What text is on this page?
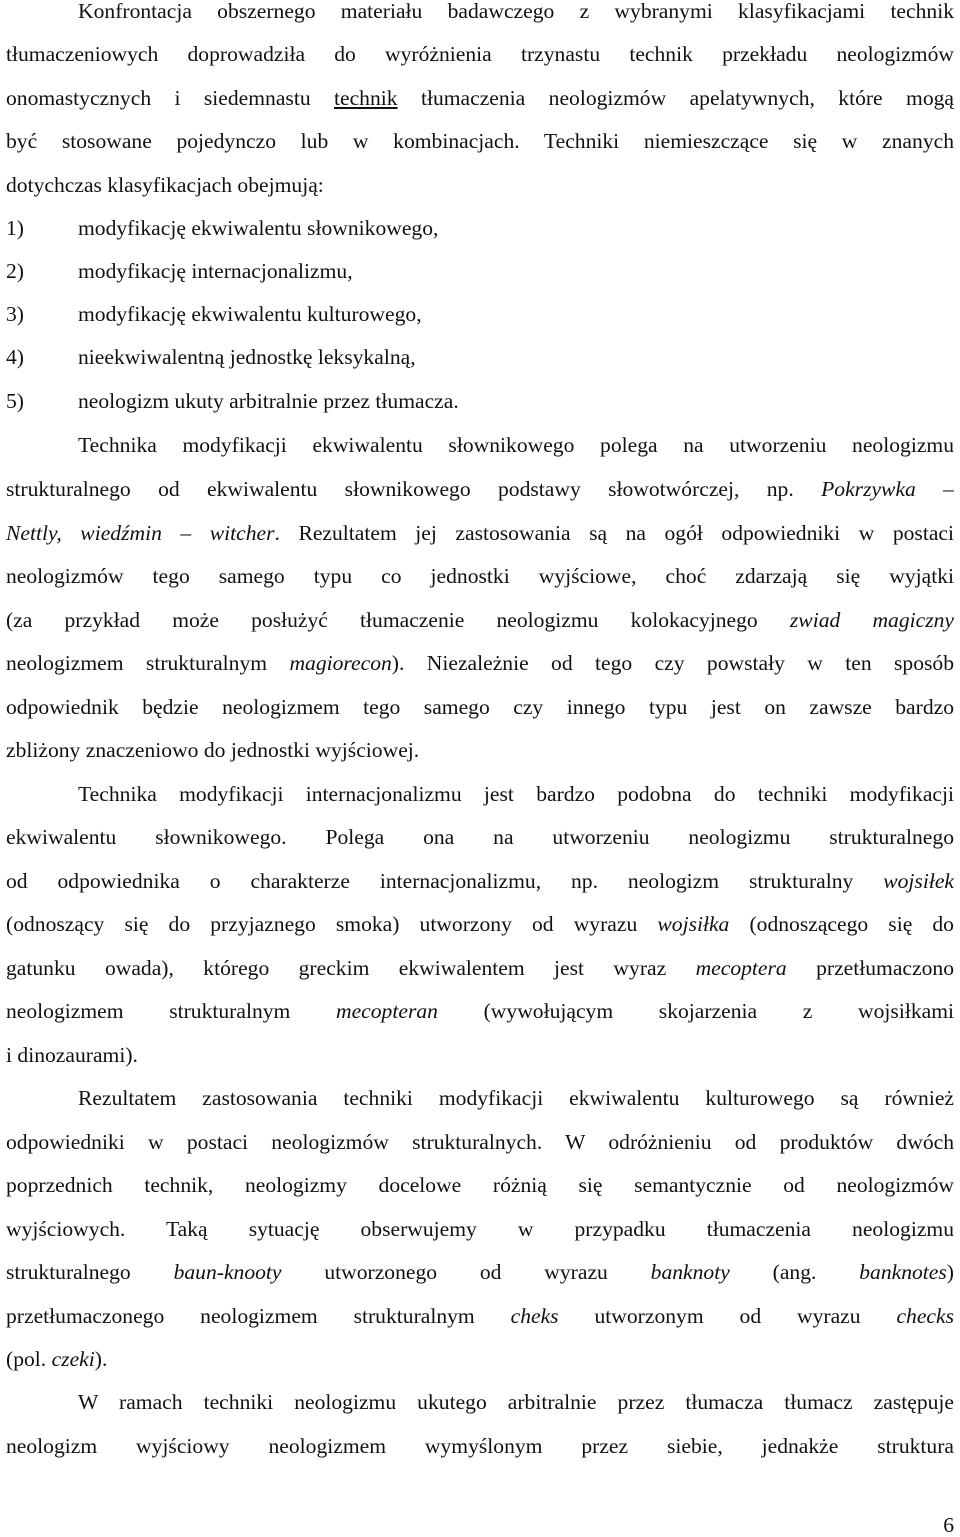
Konfrontacja obszernego materiału badawczego z wybranymi klasyfikacjami technik
tłumaczeniowych doprowadziła do wyróżnienia trzynastu technik przekładu neologizmów
onomastycznych i siedemnastu technik tłumaczenia neologizmów apelatywnych, które mogą
być stosowane pojedynczo lub w kombinacjach. Techniki niemieszczące się w znanych
dotychczas klasyfikacjach obejmują:
1)	modyfikację ekwiwalentu słownikowego,
2)	modyfikację internacjonalizmu,
3)	modyfikację ekwiwalentu kulturowego,
4)	nieekwiwalentną jednostkę leksykalną,
5)	neologizm ukuty arbitralnie przez tłumacza.
Technika modyfikacji ekwiwalentu słownikowego polega na utworzeniu neologizmu
strukturalnego od ekwiwalentu słownikowego podstawy słowotwórczej, np. Pokrzywka –
Nettly, wiedźmin – witcher. Rezultatem jej zastosowania są na ogół odpowiedniki w postaci
neologizmów tego samego typu co jednostki wyjściowe, choć zdarzają się wyjątki
(za przykład może posłużyć tłumaczenie neologizmu kolokacyjnego zwiad magiczny
neologizmem strukturalnym magiorecon). Niezależnie od tego czy powstały w ten sposób
odpowiednik będzie neologizmem tego samego czy innego typu jest on zawsze bardzo
zbliżony znaczeniowo do jednostki wyjściowej.
Technika modyfikacji internacjonalizmu jest bardzo podobna do techniki modyfikacji
ekwiwalentu słownikowego. Polega ona na utworzeniu neologizmu strukturalnego
od odpowiednika o charakterze internacjonalizmu, np. neologizm strukturalny wojsiłek
(odnoszący się do przyjaznego smoka) utworzony od wyrazu wojsiłka (odnoszącego się do
gatunku owada), którego greckim ekwiwalentem jest wyraz mecoptera przetłumaczono
neologizmem strukturalnym mecopteran (wywołującym skojarzenia z wojsiłkami
i dinozaurami).
Rezultatem zastosowania techniki modyfikacji ekwiwalentu kulturowego są również
odpowiedniki w postaci neologizmów strukturalnych. W odróżnieniu od produktów dwóch
poprzednich technik, neologizmy docelowe różnią się semantycznie od neologizmów
wyjściowych. Taką sytuację obserwujemy w przypadku tłumaczenia neologizmu
strukturalnego baun-knooty utworzonego od wyrazu banknoty (ang. banknotes)
przetłumaczonego neologizmem strukturalnym cheks utworzonym od wyrazu checks
(pol. czeki).
W ramach techniki neologizmu ukutego arbitralnie przez tłumacza tłumacz zastępuje
neologizm wyjściowy neologizmem wymyślonym przez siebie, jednakże struktura
6
